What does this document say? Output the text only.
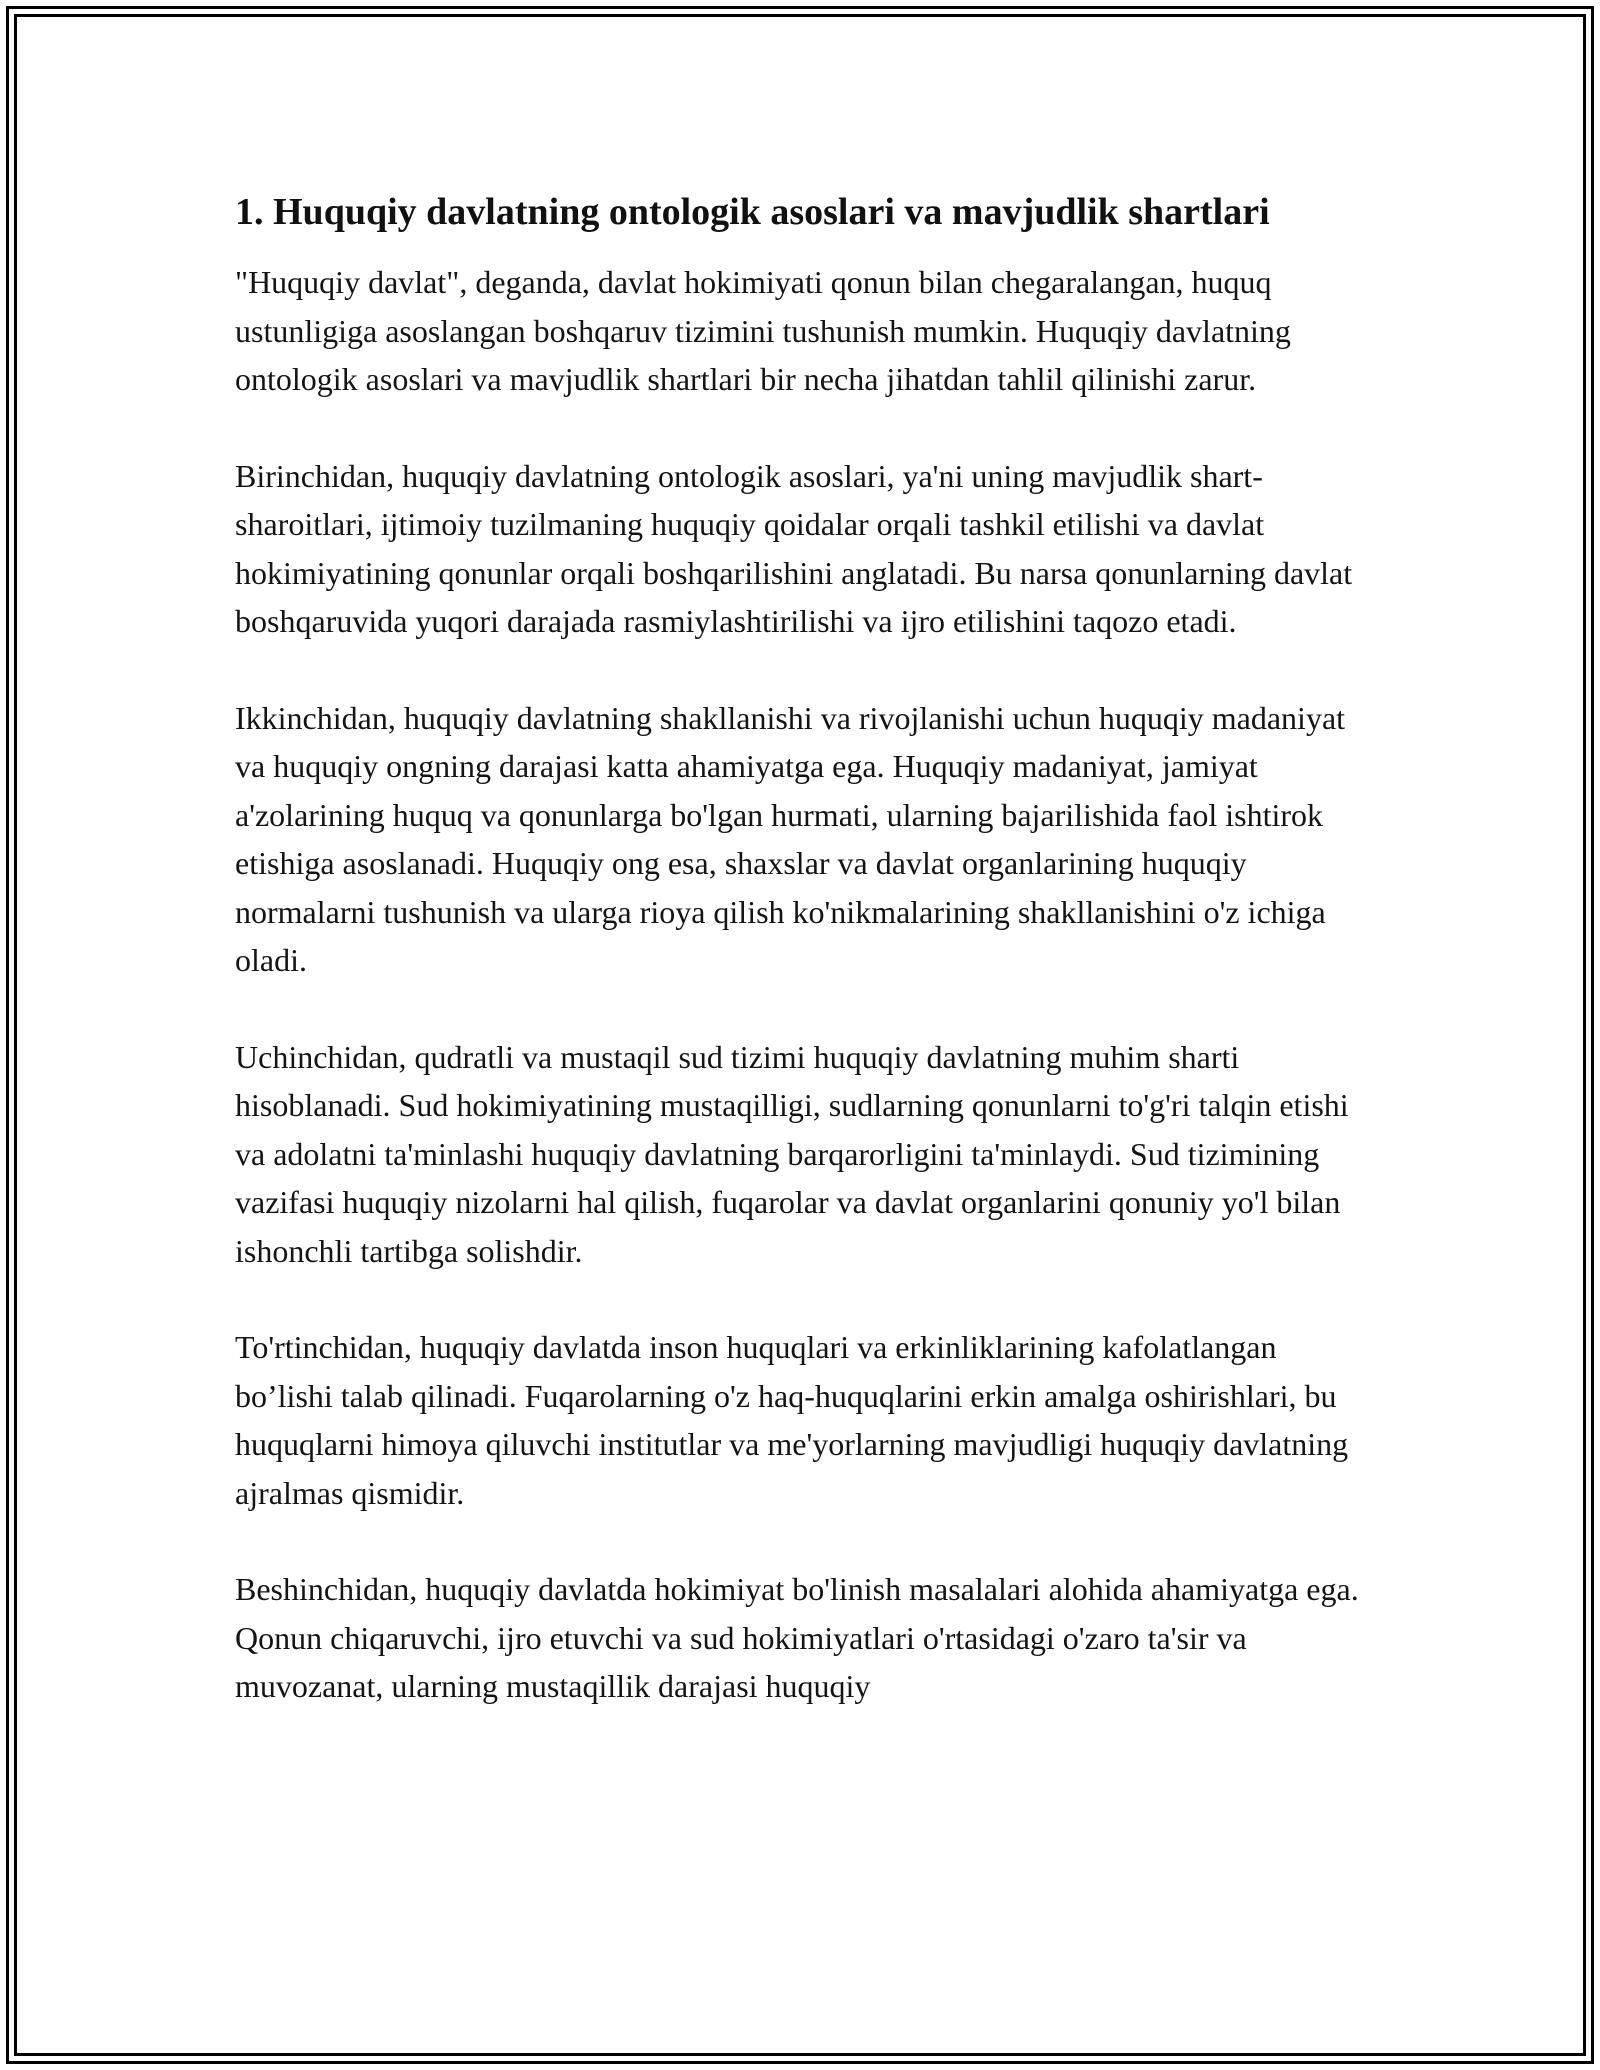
1. Huquqiy davlatning ontologik asoslari va mavjudlik shartlari

"Huquqiy davlat", deganda, davlat hokimiyati qonun bilan chegaralangan, huquq ustunligiga asoslangan boshqaruv tizimini tushunish mumkin. Huquqiy davlatning ontologik asoslari va mavjudlik shartlari bir necha jihatdan tahlil qilinishi zarur.

Birinchidan, huquqiy davlatning ontologik asoslari, ya'ni uning mavjudlik shart-sharoitlari, ijtimoiy tuzilmaning huquqiy qoidalar orqali tashkil etilishi va davlat hokimiyatining qonunlar orqali boshqarilishini anglatadi. Bu narsa qonunlarning davlat boshqaruvida yuqori darajada rasmiylashtirilishi va ijro etilishini taqozo etadi.

Ikkinchidan, huquqiy davlatning shakllanishi va rivojlanishi uchun huquqiy madaniyat va huquqiy ongning darajasi katta ahamiyatga ega. Huquqiy madaniyat, jamiyat a'zolarining huquq va qonunlarga bo'lgan hurmati, ularning bajarilishida faol ishtirok etishiga asoslanadi. Huquqiy ong esa, shaxslar va davlat organlarining huquqiy normalarni tushunish va ularga rioya qilish ko'nikmalarining shakllanishini o'z ichiga oladi.

Uchinchidan, qudratli va mustaqil sud tizimi huquqiy davlatning muhim sharti hisoblanadi. Sud hokimiyatining mustaqilligi, sudlarning qonunlarni to'g'ri talqin etishi va adolatni ta'minlashi huquqiy davlatning barqarorligini ta'minlaydi. Sud tizimining vazifasi huquqiy nizolarni hal qilish, fuqarolar va davlat organlarini qonuniy yo'l bilan ishonchli tartibga solishdir.

To'rtinchidan, huquqiy davlatda inson huquqlari va erkinliklarining kafolatlangan bo’lishi talab qilinadi. Fuqarolarning o'z haq-huquqlarini erkin amalga oshirishlari, bu huquqlarni himoya qiluvchi institutlar va me'yorlarning mavjudligi huquqiy davlatning ajralmas qismidir.

Beshinchidan, huquqiy davlatda hokimiyat bo'linish masalalari alohida ahamiyatga ega. Qonun chiqaruvchi, ijro etuvchi va sud hokimiyatlari o'rtasidagi o'zaro ta'sir va muvozanat, ularning mustaqillik darajasi huquqiy
